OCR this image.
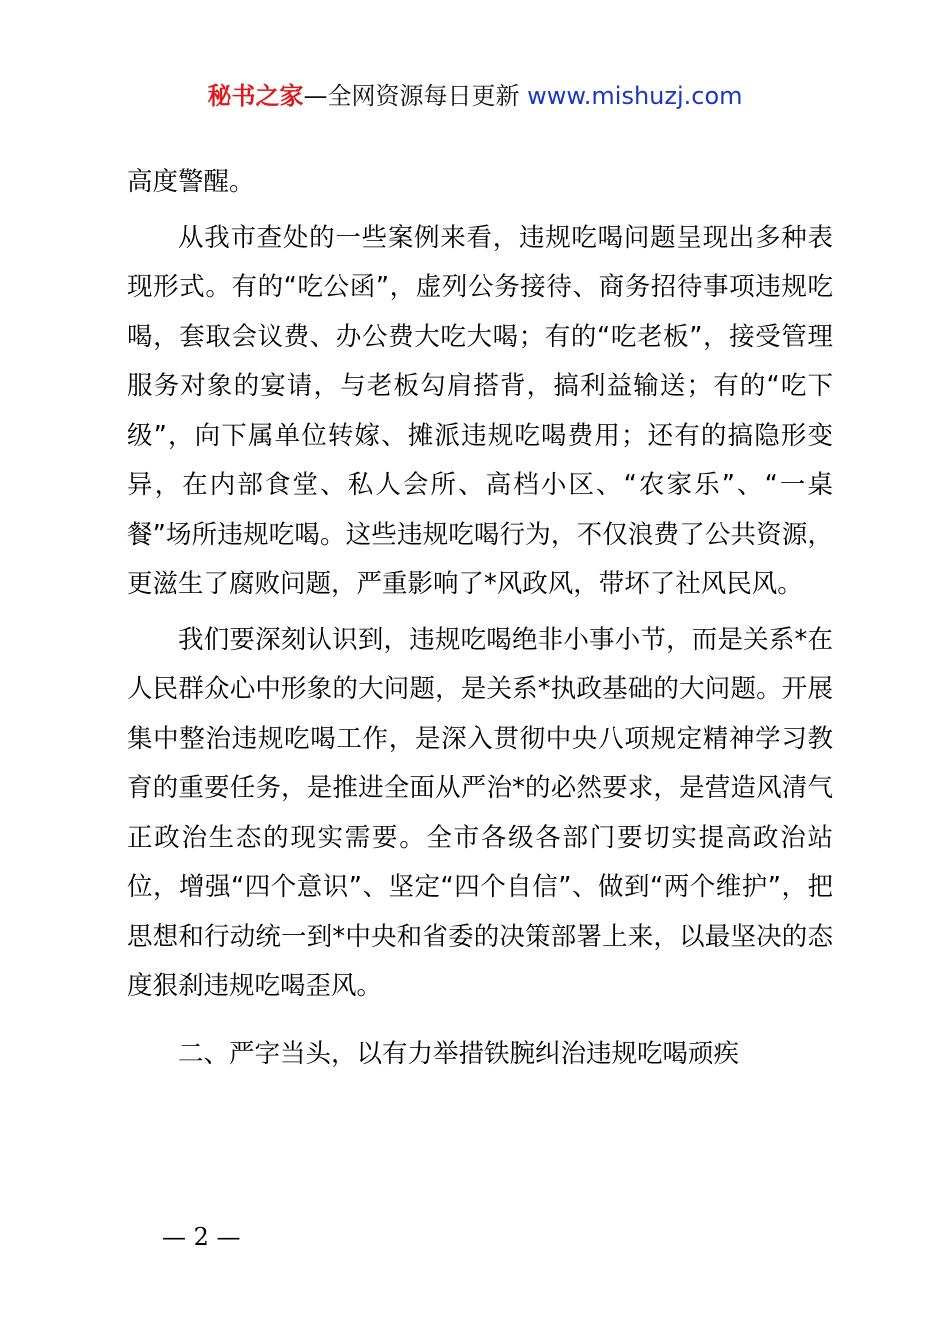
秘书之家—全网资源每日更新 www.mishuzj.com

高度警醒。

从我市查处的一些案例来看，违规吃喝问题呈现出多种表现形式。有的“吃公函”，虚列公务接待、商务招待事项违规吃喝，套取会议费、办公费大吃大喝；有的“吃老板”，接受管理服务对象的宴请，与老板勾肩搭背，搞利益输送；有的“吃下级”，向下属单位转嫁、摊派违规吃喝费用；还有的搞隐形变异，在内部食堂、私人会所、高档小区、“农家乐”、“一桌餐”场所违规吃喝。这些违规吃喝行为，不仅浪费了公共资源，更滋生了腐败问题，严重影响了*风政风，带坏了社风民风。

我们要深刻认识到，违规吃喝绝非小事小节，而是关系*在人民群众心中形象的大问题，是关系*执政基础的大问题。开展集中整治违规吃喝工作，是深入贯彻中央八项规定精神学习教育的重要任务，是推进全面从严治*的必然要求，是营造风清气正政治生态的现实需要。全市各级各部门要切实提高政治站位，增强“四个意识”、坚定“四个自信”、做到“两个维护”，把思想和行动统一到*中央和省委的决策部署上来，以最坚决的态度狠刹违规吃喝歪风。

二、严字当头，以有力举措铁腕纠治违规吃喝顽疾

— 2 —
